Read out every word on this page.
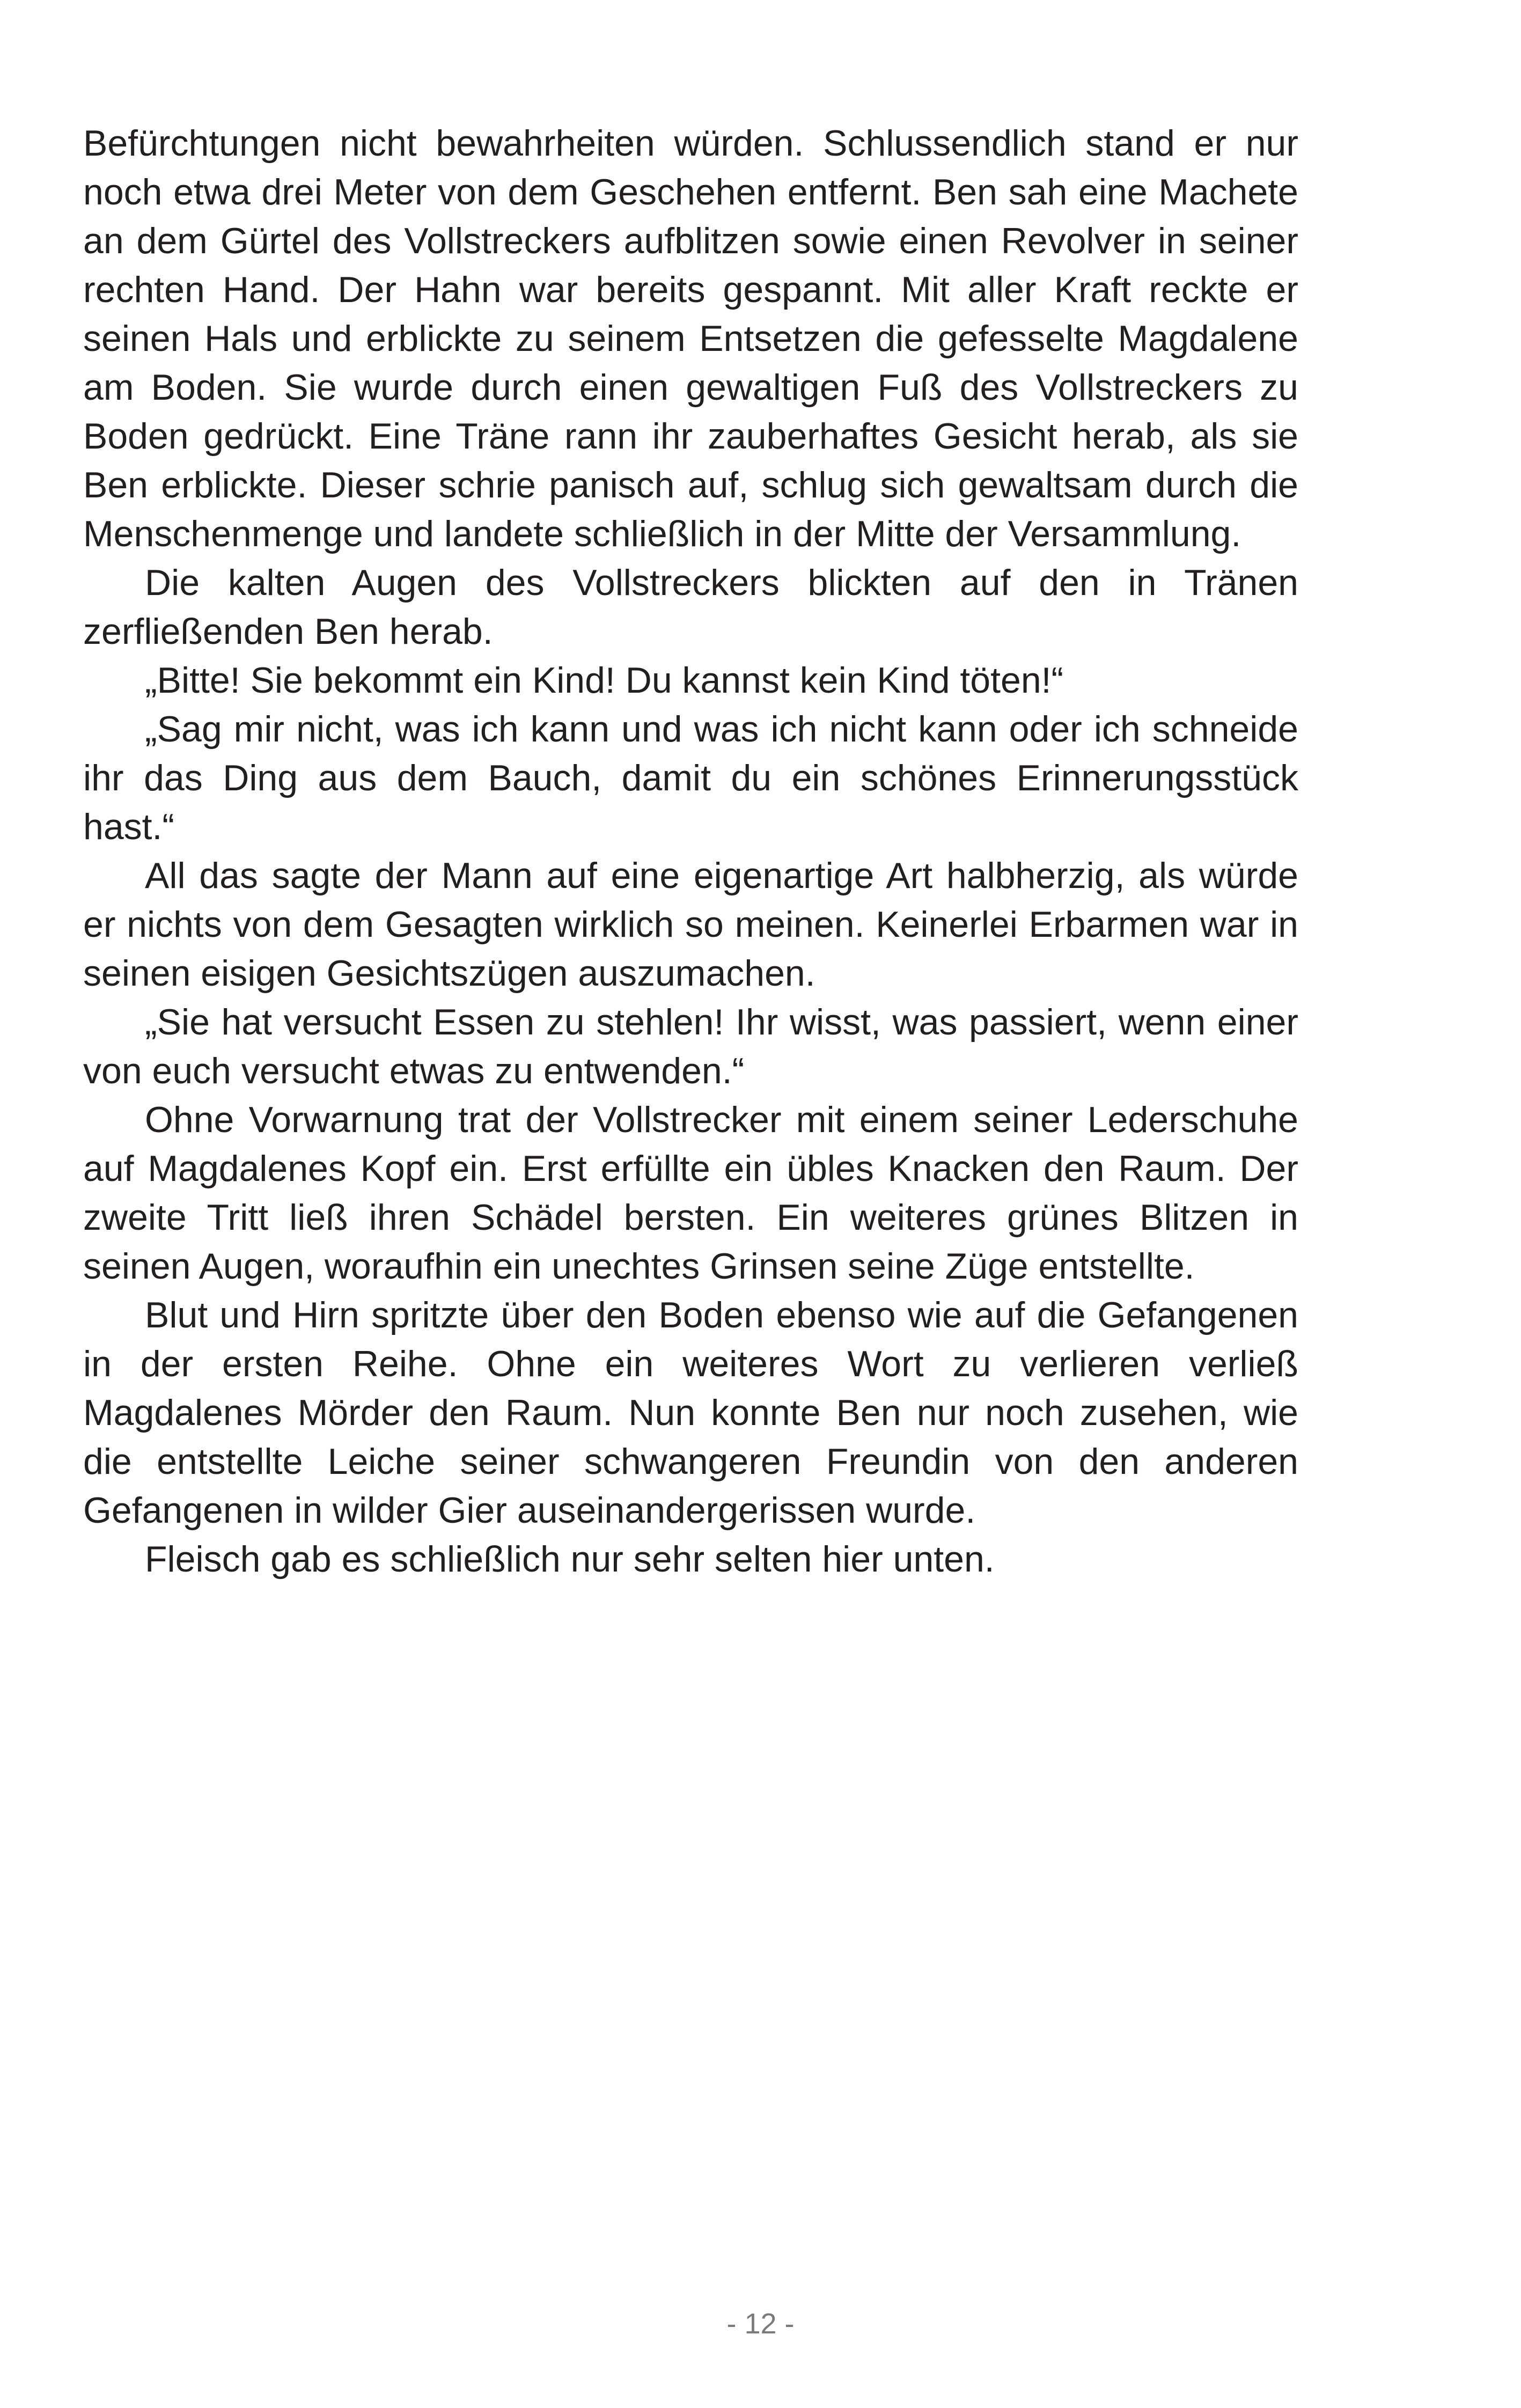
Befürchtungen nicht bewahrheiten würden. Schlussendlich stand er nur noch etwa drei Meter von dem Geschehen entfernt. Ben sah eine Machete an dem Gürtel des Vollstreckers aufblitzen sowie einen Revolver in seiner rechten Hand. Der Hahn war bereits gespannt. Mit aller Kraft reckte er seinen Hals und erblickte zu seinem Entsetzen die gefesselte Magdalene am Boden. Sie wurde durch einen gewaltigen Fuß des Vollstreckers zu Boden gedrückt. Eine Träne rann ihr zauberhaftes Gesicht herab, als sie Ben erblickte. Dieser schrie panisch auf, schlug sich gewaltsam durch die Menschenmenge und landete schließlich in der Mitte der Versammlung.

Die kalten Augen des Vollstreckers blickten auf den in Tränen zerfließenden Ben herab.

„Bitte! Sie bekommt ein Kind! Du kannst kein Kind töten!“

„Sag mir nicht, was ich kann und was ich nicht kann oder ich schneide ihr das Ding aus dem Bauch, damit du ein schönes Erinnerungsstück hast.“

All das sagte der Mann auf eine eigenartige Art halbherzig, als würde er nichts von dem Gesagten wirklich so meinen. Keinerlei Erbarmen war in seinen eisigen Gesichtszügen auszumachen.

„Sie hat versucht Essen zu stehlen! Ihr wisst, was passiert, wenn einer von euch versucht etwas zu entwenden.“

Ohne Vorwarnung trat der Vollstrecker mit einem seiner Lederschuhe auf Magdalenes Kopf ein. Erst erfüllte ein übles Knacken den Raum. Der zweite Tritt ließ ihren Schädel bersten. Ein weiteres grünes Blitzen in seinen Augen, woraufhin ein unechtes Grinsen seine Züge entstellte.

Blut und Hirn spritzte über den Boden ebenso wie auf die Gefangenen in der ersten Reihe. Ohne ein weiteres Wort zu verlieren verließ Magdalenes Mörder den Raum. Nun konnte Ben nur noch zusehen, wie die entstellte Leiche seiner schwangeren Freundin von den anderen Gefangenen in wilder Gier auseinandergerissen wurde.

Fleisch gab es schließlich nur sehr selten hier unten.

- 12 -
